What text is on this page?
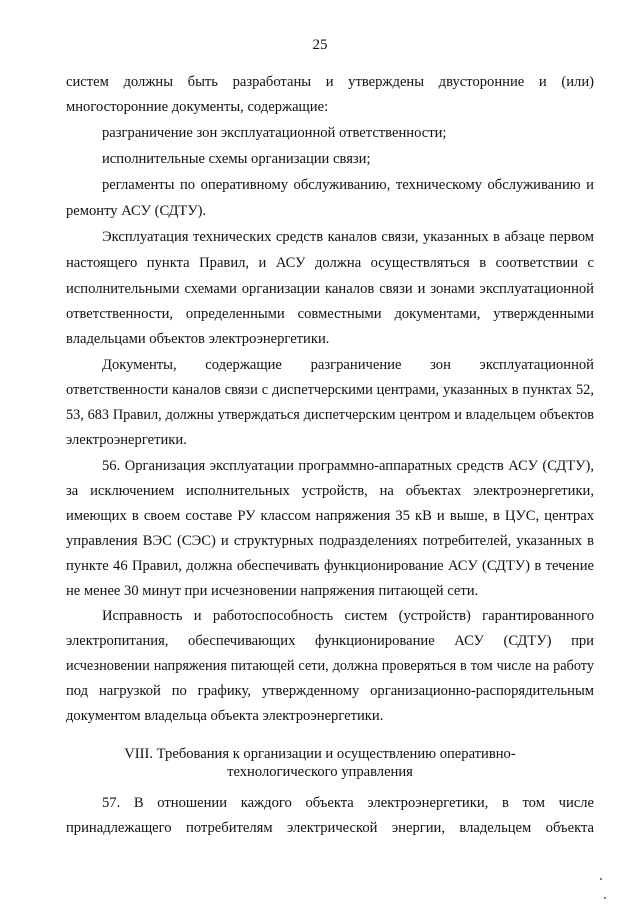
25
систем должны быть разработаны и утверждены двусторонние и (или)
многосторонние документы, содержащие:
разграничение зон эксплуатационной ответственности;
исполнительные схемы организации связи;
регламенты по оперативному обслуживанию, техническому обслуживанию и
ремонту АСУ (СДТУ).
Эксплуатация технических средств каналов связи, указанных в абзаце первом
настоящего пункта Правил, и АСУ должна осуществляться в соответствии с
исполнительными схемами организации каналов связи и зонами эксплуатационной
ответственности, определенными совместными документами, утвержденными
владельцами объектов электроэнергетики.
Документы, содержащие разграничение зон эксплуатационной
ответственности каналов связи с диспетчерскими центрами, указанных в пунктах 52,
53, 683 Правил, должны утверждаться диспетчерским центром и владельцем объектов
электроэнергетики.
56. Организация эксплуатации программно-аппаратных средств АСУ (СДТУ),
за исключением исполнительных устройств, на объектах электроэнергетики,
имеющих в своем составе РУ классом напряжения 35 кВ и выше, в ЦУС, центрах
управления ВЭС (СЭС) и структурных подразделениях потребителей, указанных в
пункте 46 Правил, должна обеспечивать функционирование АСУ (СДТУ) в течение
не менее 30 минут при исчезновении напряжения питающей сети.
Исправность и работоспособность систем (устройств) гарантированного
электропитания, обеспечивающих функционирование АСУ (СДТУ) при
исчезновении напряжения питающей сети, должна проверяться в том числе на работу
под нагрузкой по графику, утвержденному организационно-распорядительным
документом владельца объекта электроэнергетики.
VIII. Требования к организации и осуществлению оперативно-
технологического управления
57. В отношении каждого объекта электроэнергетики, в том числе
принадлежащего потребителям электрической энергии, владельцем объекта
